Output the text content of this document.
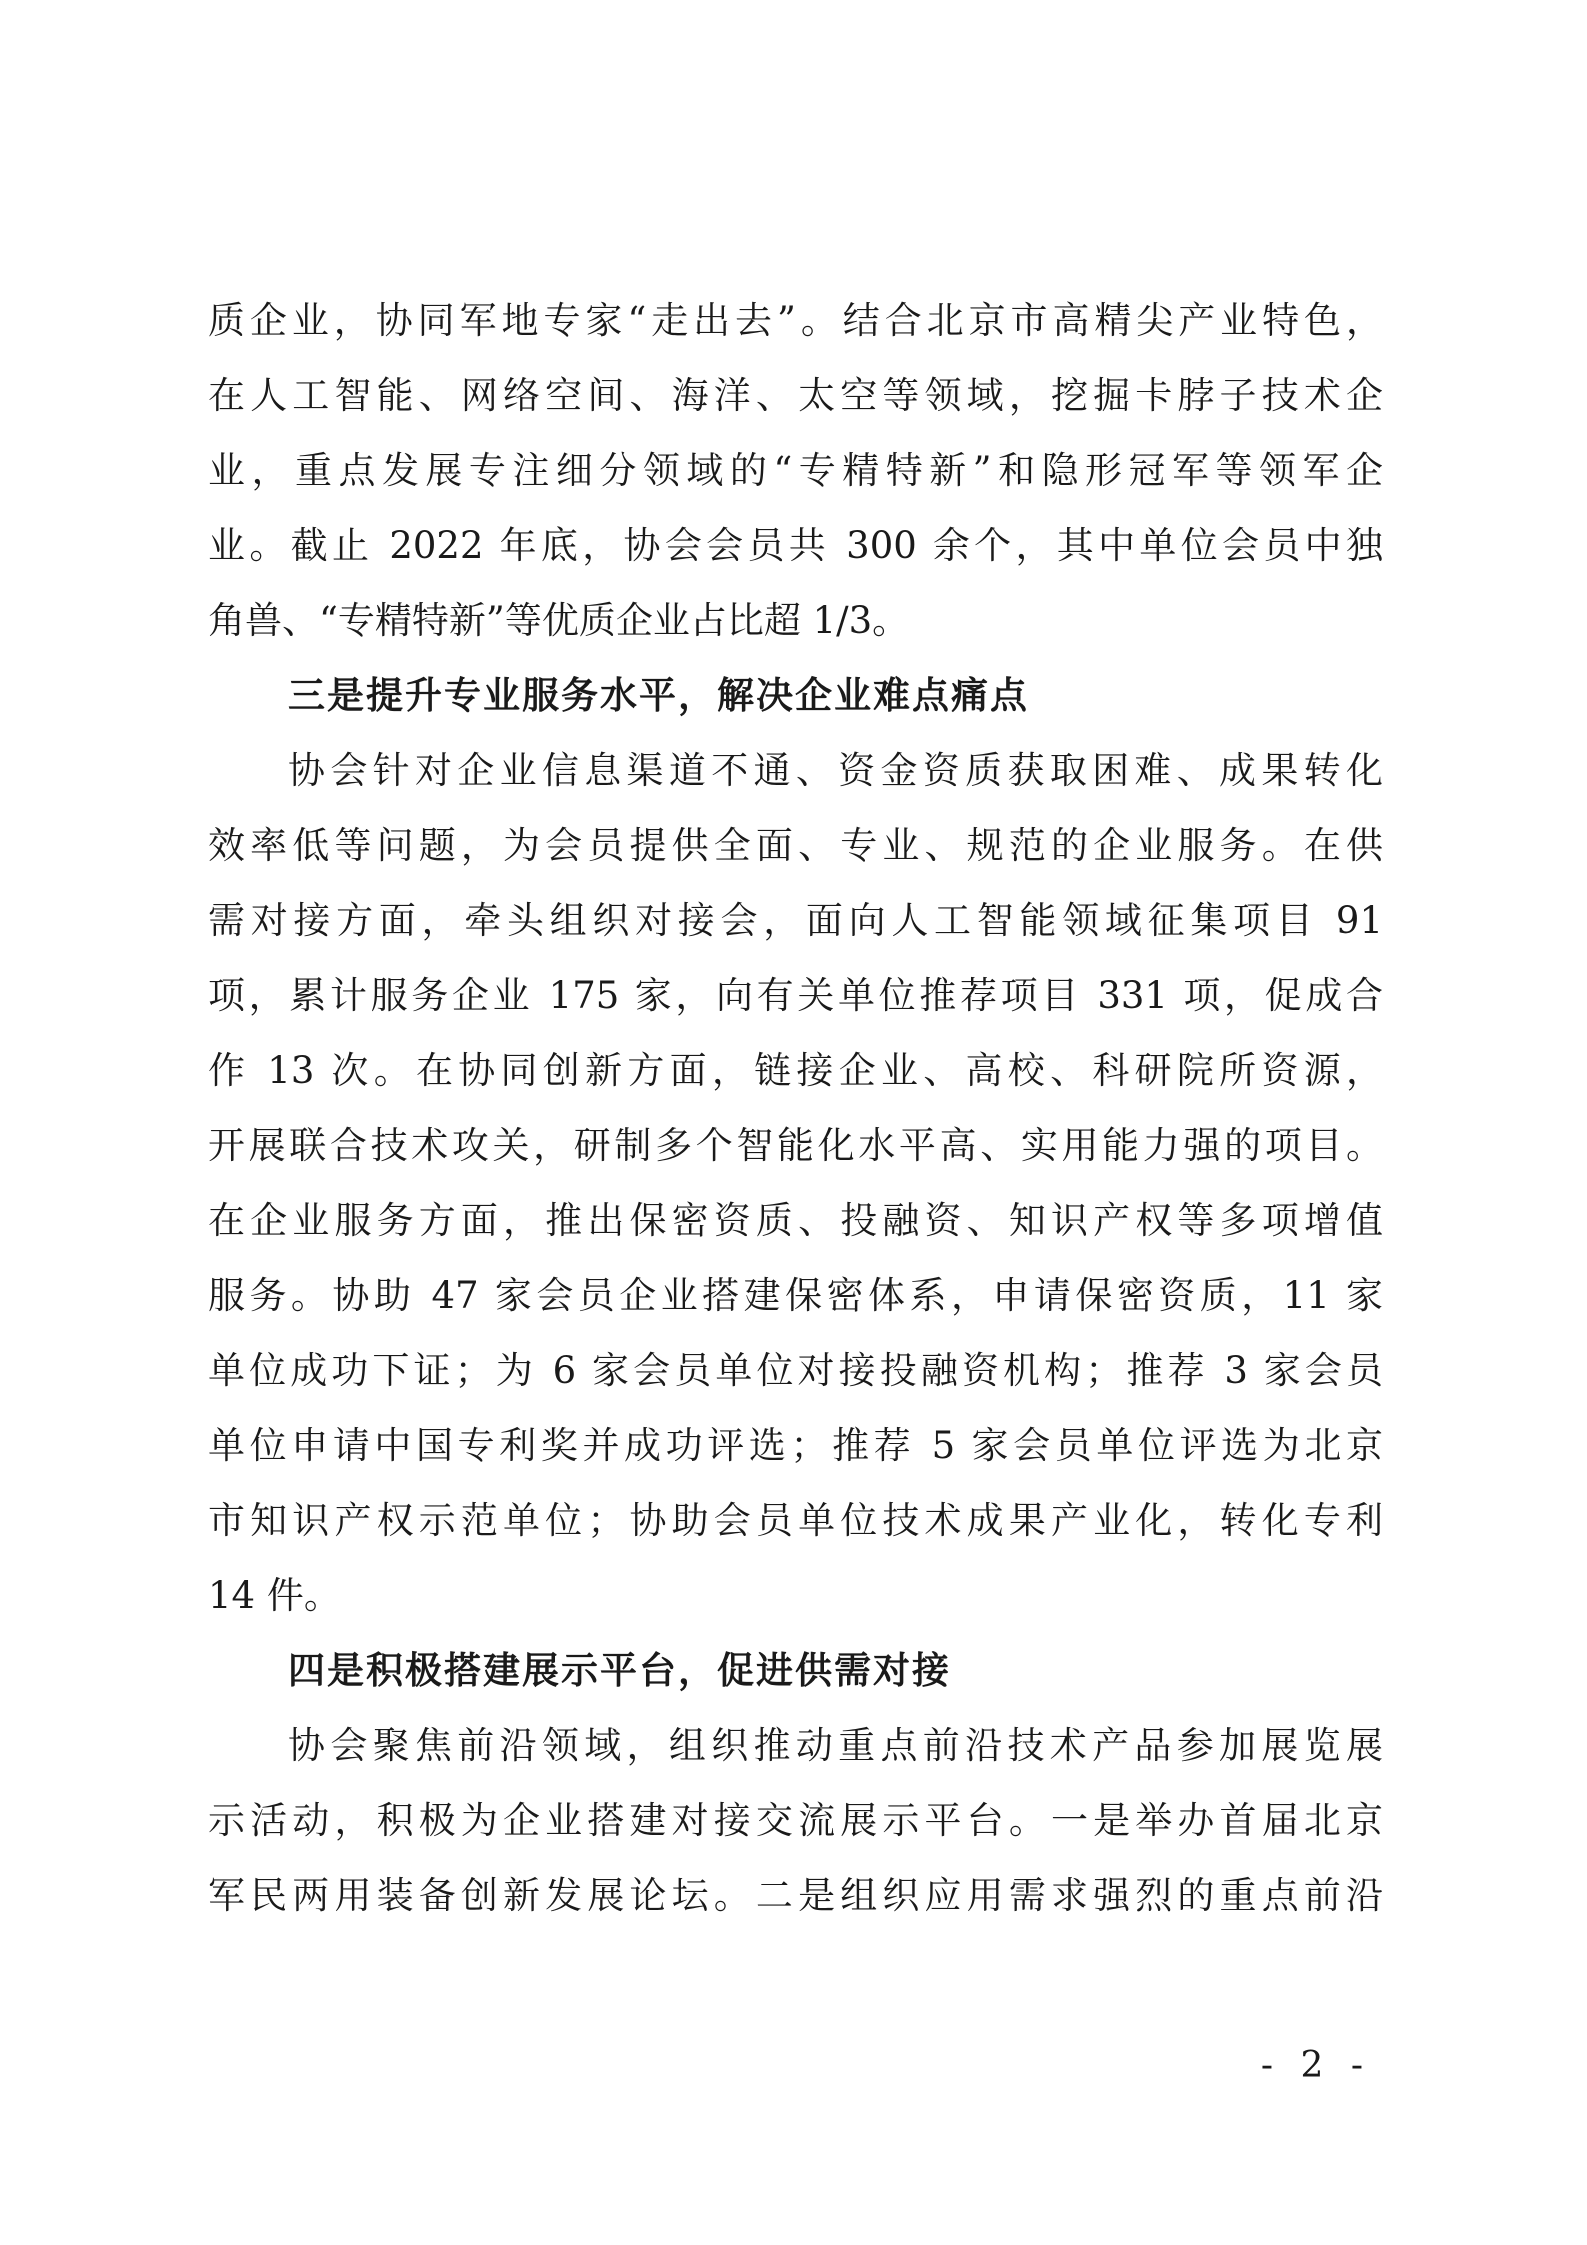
质企业，协同军地专家“走出去”。结合北京市高精尖产业特色，
在人工智能、网络空间、海洋、太空等领域，挖掘卡脖子技术企
业，重点发展专注细分领域的“专精特新”和隐形冠军等领军企
业。截止 2022 年底，协会会员共 300 余个，其中单位会员中独
角兽、“专精特新”等优质企业占比超 1/3。
三是提升专业服务水平，解决企业难点痛点
协会针对企业信息渠道不通、资金资质获取困难、成果转化
效率低等问题，为会员提供全面、专业、规范的企业服务。在供
需对接方面，牵头组织对接会，面向人工智能领域征集项目 91
项，累计服务企业 175 家，向有关单位推荐项目 331 项，促成合
作 13 次。在协同创新方面，链接企业、高校、科研院所资源，
开展联合技术攻关，研制多个智能化水平高、实用能力强的项目。
在企业服务方面，推出保密资质、投融资、知识产权等多项增值
服务。协助 47 家会员企业搭建保密体系，申请保密资质，11 家
单位成功下证；为 6 家会员单位对接投融资机构；推荐 3 家会员
单位申请中国专利奖并成功评选；推荐 5 家会员单位评选为北京
市知识产权示范单位；协助会员单位技术成果产业化，转化专利
14 件。
四是积极搭建展示平台，促进供需对接
协会聚焦前沿领域，组织推动重点前沿技术产品参加展览展
示活动，积极为企业搭建对接交流展示平台。一是举办首届北京
军民两用装备创新发展论坛。二是组织应用需求强烈的重点前沿
- 2 -
